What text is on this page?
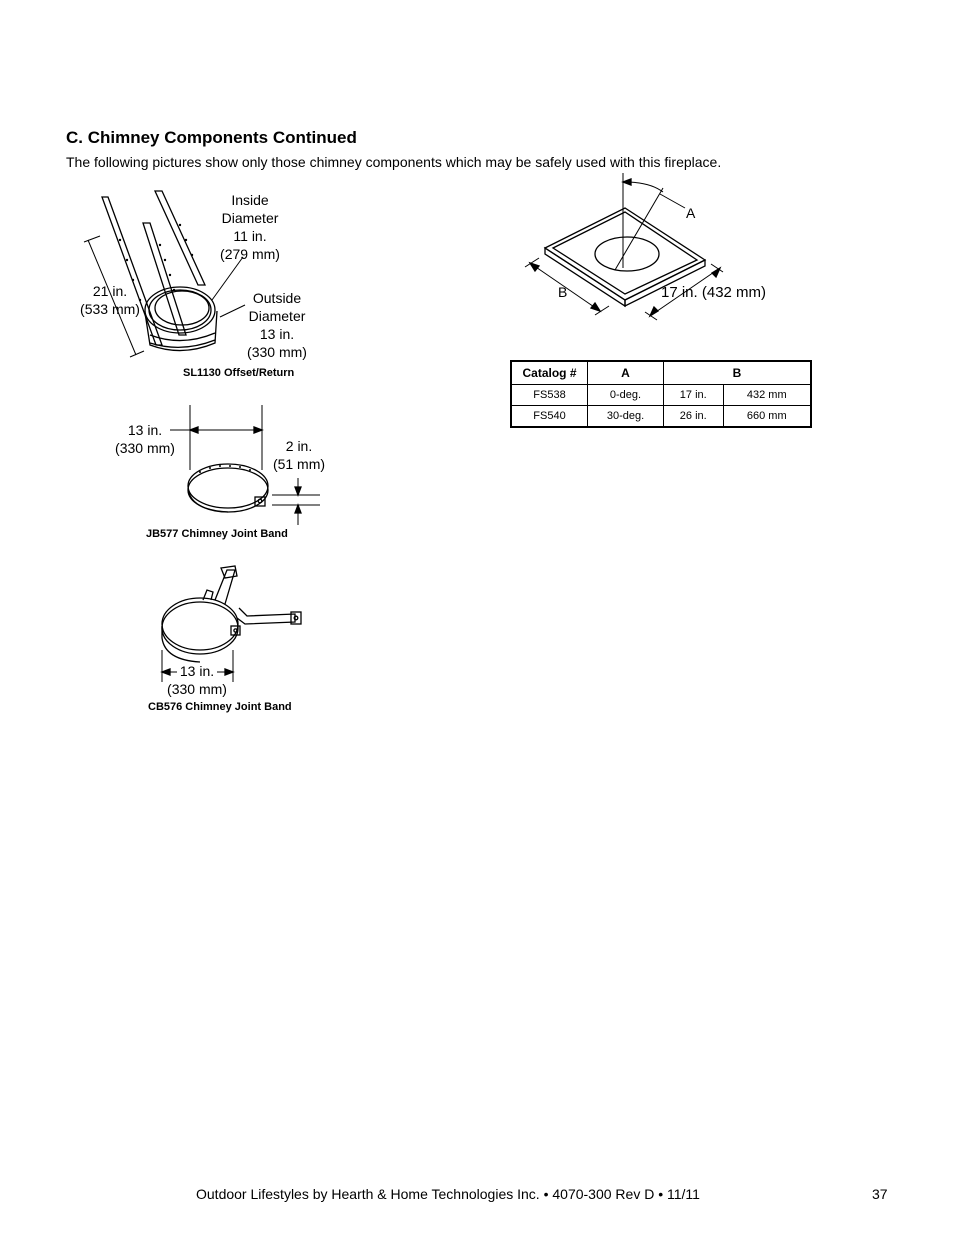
C. Chimney Components Continued
The following pictures show only those chimney components which may be safely used with this fireplace.
Inside
Diameter
11 in.
(279 mm)
21 in.
(533 mm)
Outside
Diameter
13 in.
(330 mm)
SL1130 Offset/Return
13 in.
(330 mm)	2 in.
(51 mm)
JB577 Chimney Joint Band
13 in.
(330 mm)
CB576 Chimney Joint Band
A
B	17 in. (432 mm)
Catalog #	A	B	
FS538	0-deg.	17 in.	432 mm
FS540	30-deg.	26 in.	660 mm
Outdoor Lifestyles by Hearth & Home Technologies Inc. • 4070-300 Rev D • 11/11	37
